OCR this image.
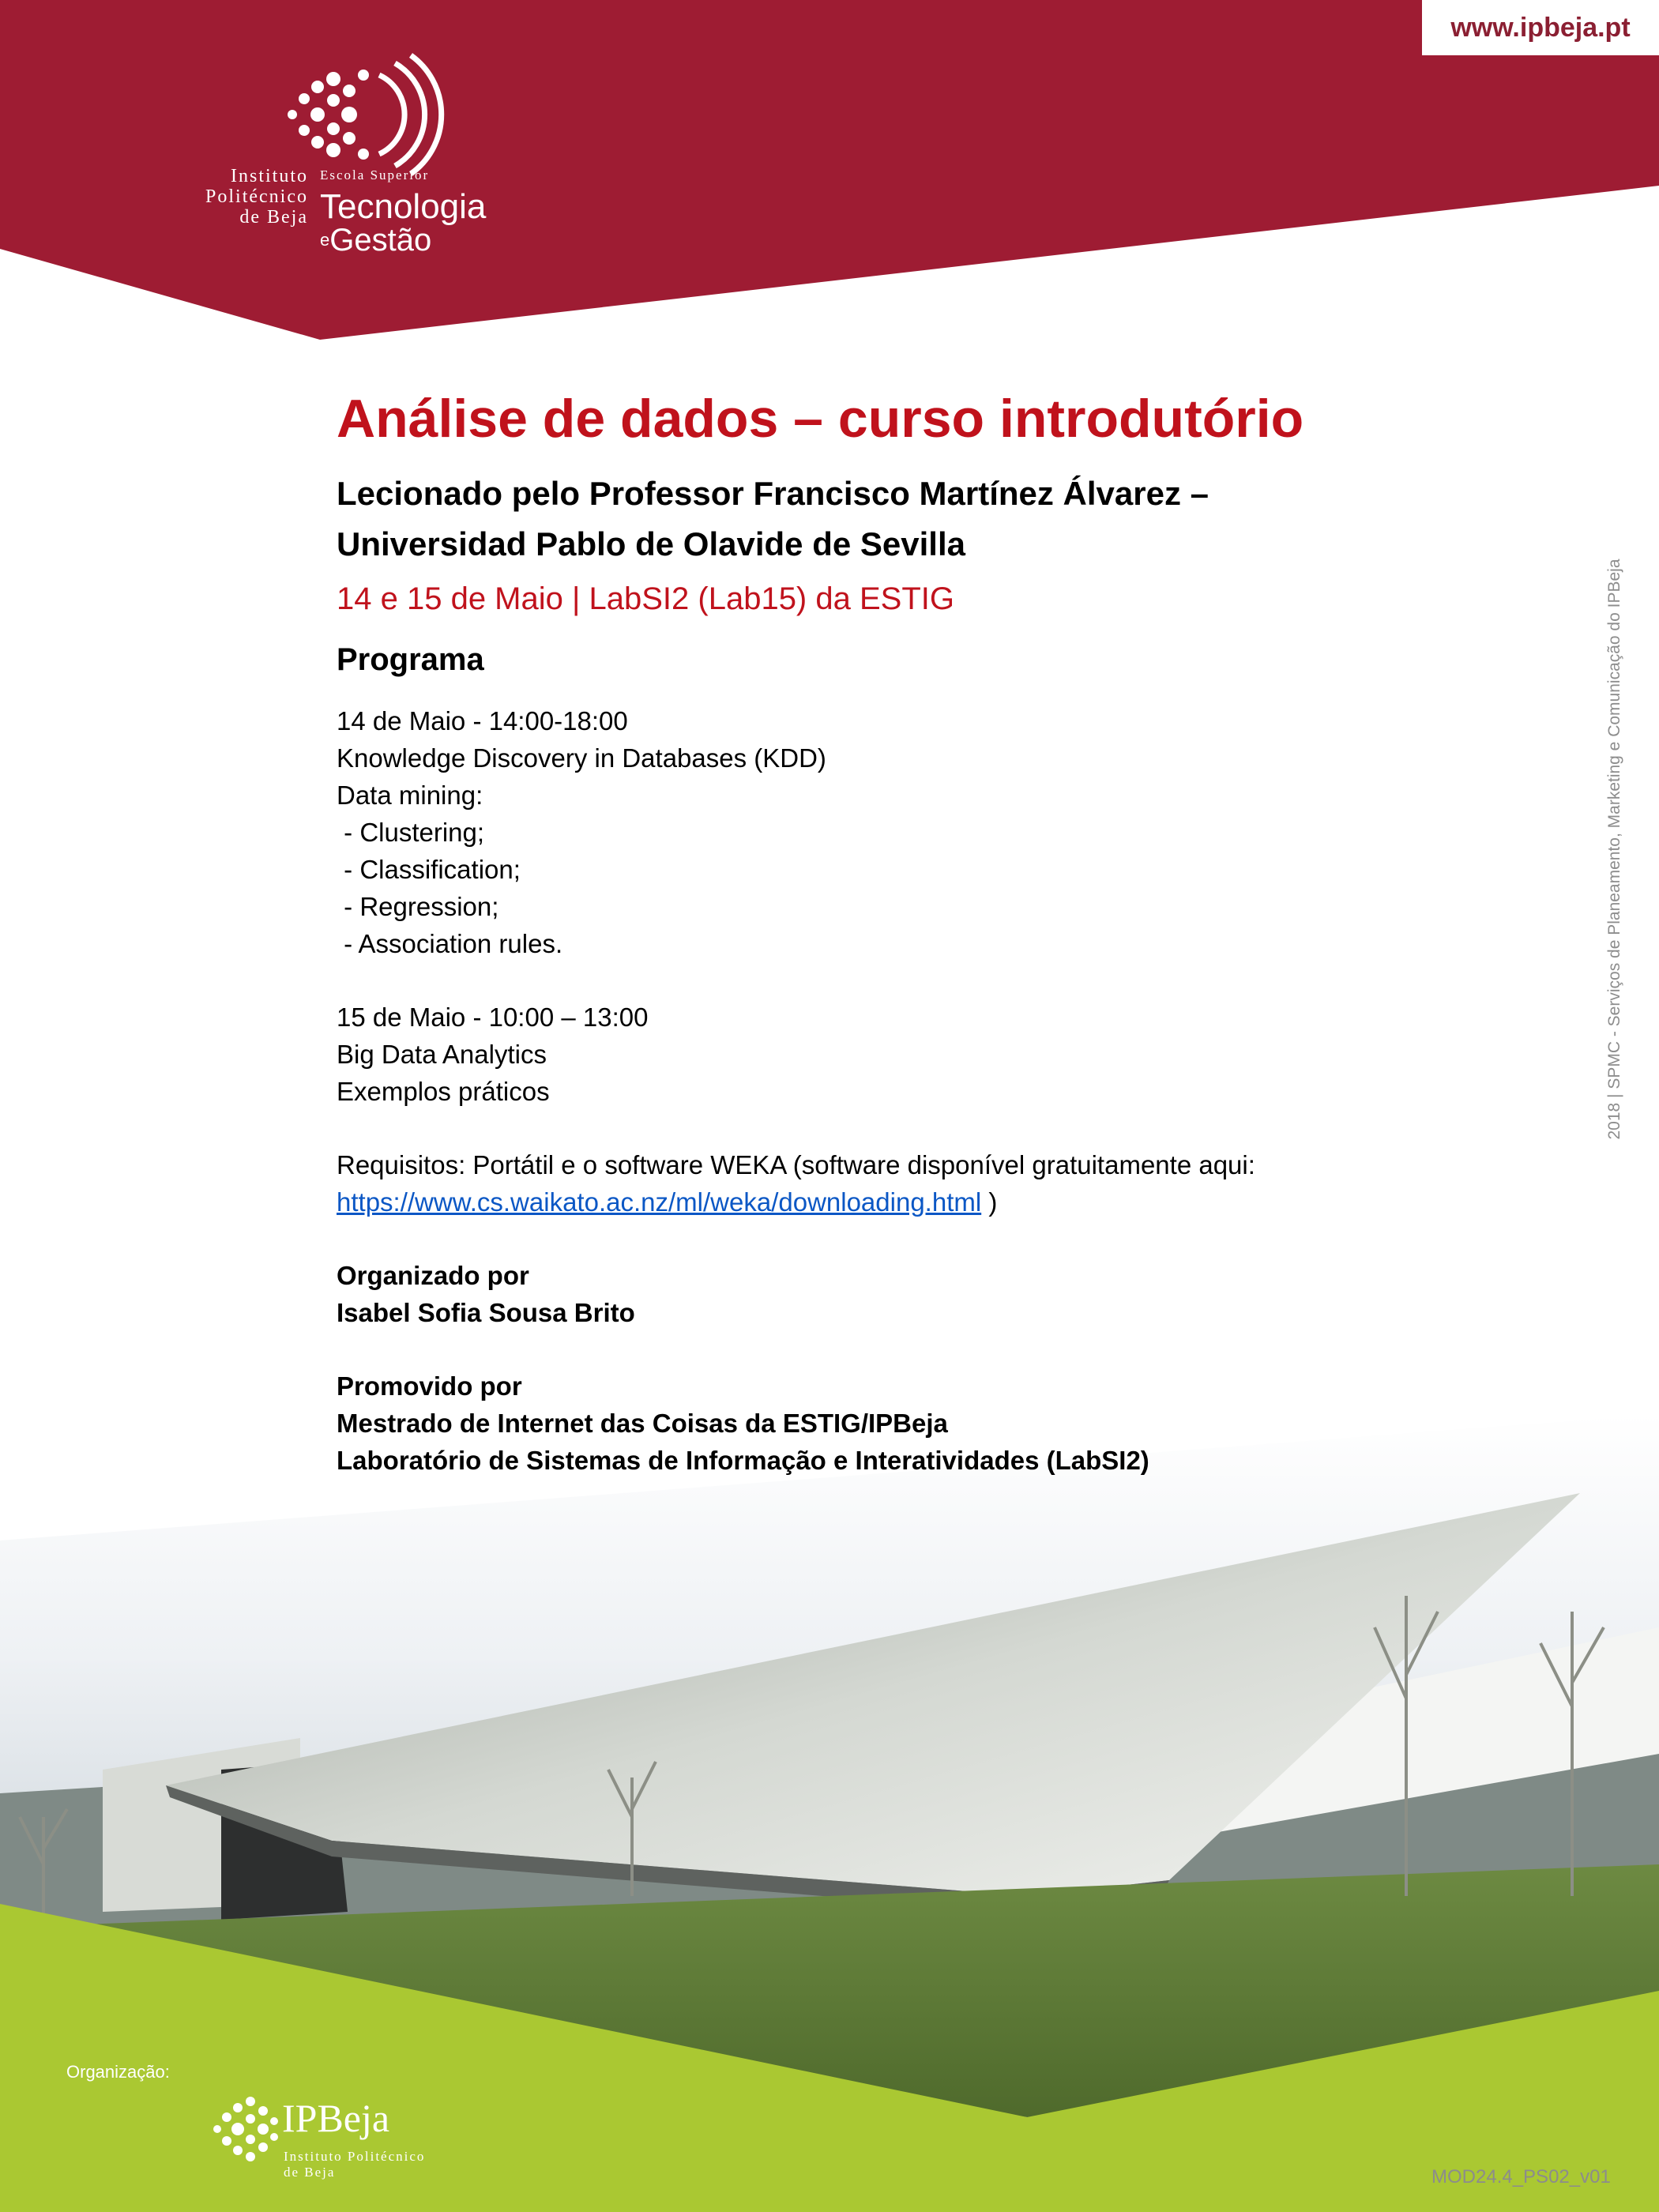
www.ipbeja.pt
Instituto
Politécnico
de Beja
Escola Superior
Tecnologia
$^e$Gestão
Análise de dados – curso introdutório
Lecionado pelo Professor Francisco Martínez Álvarez –
Universidad Pablo de Olavide de Sevilla
14 e 15 de Maio | LabSI2 (Lab15) da ESTIG
Programa
14 de Maio - 14:00-18:00
Knowledge Discovery in Databases (KDD)
Data mining:
- Clustering;
- Classification;
- Regression;
- Association rules.
15 de Maio - 10:00 – 13:00
Big Data Analytics
Exemplos práticos
Requisitos: Portátil e o software WEKA (software disponível gratuitamente aqui:
https://www.cs.waikato.ac.nz/ml/weka/downloading.html )
Organizado por
Isabel Sofia Sousa Brito
Promovido por
Mestrado de Internet das Coisas da ESTIG/IPBeja
Laboratório de Sistemas de Informação e Interatividades (LabSI2)
2018 | SPMC - Serviços de Planeamento, Marketing e Comunicação do IPBeja
Organização:
IPBeja
Instituto Politécnico
de Beja	MOD24.4_PS02_v01
